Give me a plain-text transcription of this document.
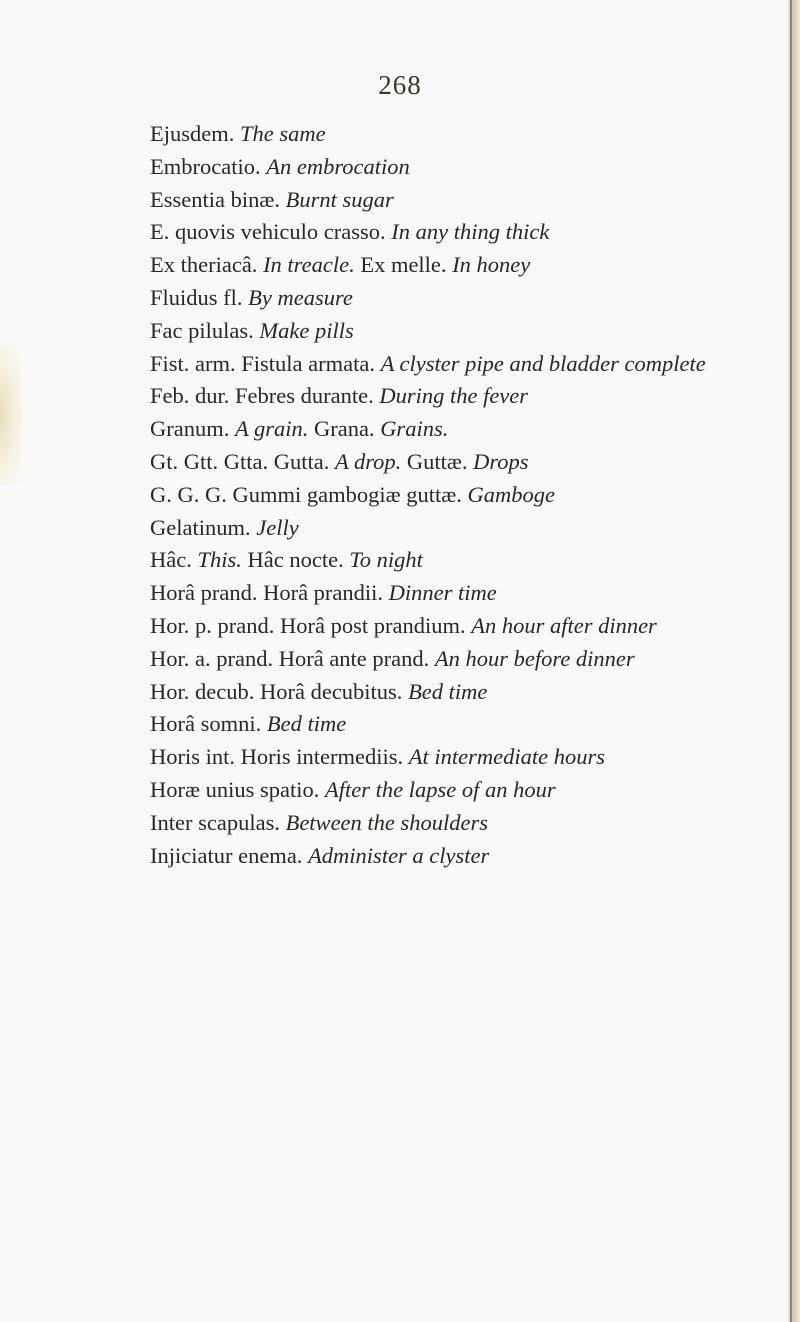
268
Ejusdem. The same
Embrocatio. An embrocation
Essentia binæ. Burnt sugar
E. quovis vehiculo crasso. In any thing thick
Ex theriacâ. In treacle. Ex melle. In honey
Fluidus fl. By measure
Fac pilulas. Make pills
Fist. arm. Fistula armata. A clyster pipe and bladder complete
Feb. dur. Febres durante. During the fever
Granum. A grain. Grana. Grains.
Gt. Gtt. Gtta. Gutta. A drop. Guttæ. Drops
G. G. G. Gummi gambogiæ guttæ. Gamboge
Gelatinum. Jelly
Hâc. This. Hâc nocte. To night
Horâ prand. Horâ prandii. Dinner time
Hor. p. prand. Horâ post prandium. An hour after dinner
Hor. a. prand. Horâ ante prand. An hour before dinner
Hor. decub. Horâ decubitus. Bed time
Horâ somni. Bed time
Horis int. Horis intermediis. At intermediate hours
Horæ unius spatio. After the lapse of an hour
Inter scapulas. Between the shoulders
Injiciatur enema. Administer a clyster
